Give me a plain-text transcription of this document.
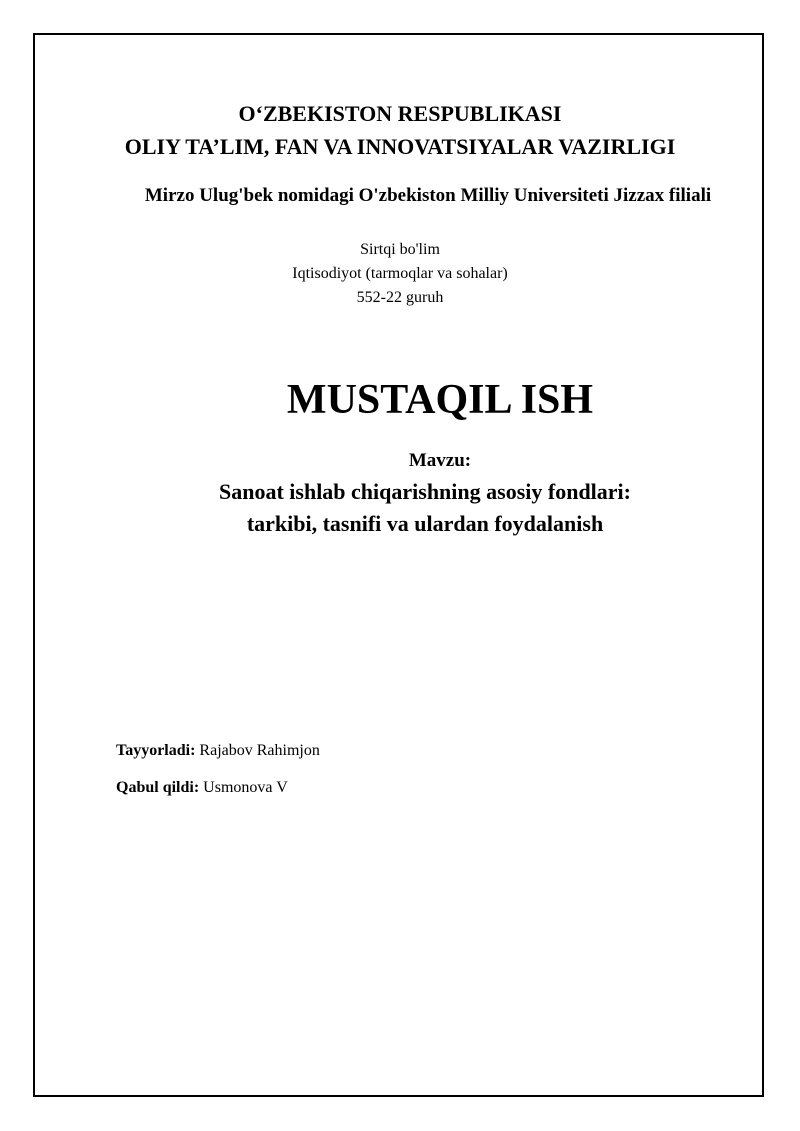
O‘ZBEKISTON RESPUBLIKASI
OLIY TA’LIM, FAN VA INNOVATSIYALAR VAZIRLIGI
Mirzo Ulug'bek nomidagi O'zbekiston Milliy Universiteti Jizzax filiali
Sirtqi bo'lim
Iqtisodiyot (tarmoqlar va sohalar)
552-22 guruh
MUSTAQIL ISH
Mavzu:
Sanoat ishlab chiqarishning asosiy fondlari: tarkibi, tasnifi va ulardan foydalanish
Tayyorladi: Rajabov Rahimjon
Qabul qildi: Usmonova V
